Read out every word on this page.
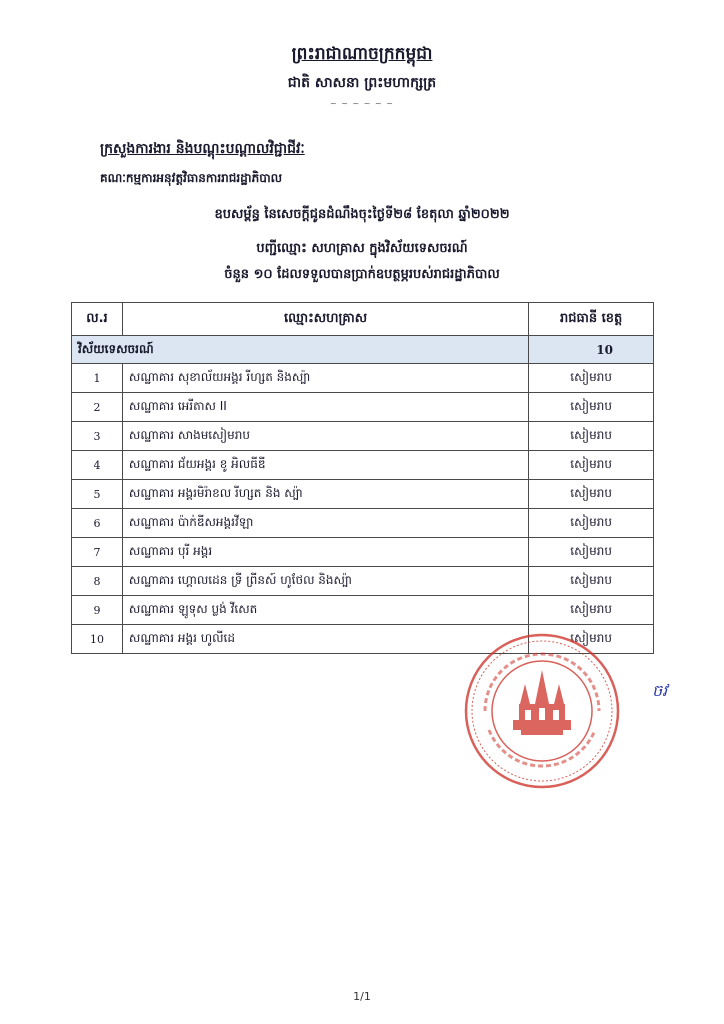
ព្រះរាជាណាចក្រកម្ពុជា
ជាតិ សាសនា ព្រះមហាក្សត្រ
~ ~ ~ ~ ~ ~
ក្រសួងការងារ និងបណ្តុះបណ្តាលវិជ្ជាជីវៈ
គណៈកម្មការអនុវត្តវិធានការរាជរដ្ឋាភិបាល
ឧបសម្ព័ន្ធ នៃសេចក្តីជូនដំណឹងចុះថ្ងៃទី២៨ ខែតុលា ឆ្នាំ២០២២
បញ្ជីឈ្មោះ សហគ្រាស ក្នុងវិស័យទេសចរណ៍
ចំនួន ១០ ដែលទទួលបានប្រាក់ឧបត្ថម្ភរបស់រាជរដ្ឋាភិបាល
ល.រ	ឈ្មោះសហគ្រាស	រាជធានី ខេត្ត
វិស័យទេសចរណ៍		10
1	សណ្ឋាគារ សុខាល័យអង្គរ រីហ្សត និងស្ប៉ា	សៀមរាប
2	សណ្ឋាគារ អេរីតាស II	សៀមរាប
3	សណ្ឋាគារ សាងមសៀមរាប	សៀមរាប
4	សណ្ឋាគារ ជ័យអង្គរ ខូ អិលធីឌី	សៀមរាប
5	សណ្ឋាគារ អង្គរមិរ៉ាខល រីហ្សត និង ស្ប៉ា	សៀមរាប
6	សណ្ឋាគារ ប៉ាក់ឌីសអង្គរវីឡា	សៀមរាប
7	សណ្ឋាគារ បុរី អង្គរ	សៀមរាប
8	សណ្ឋាគារ ហ្គោលដេន ទ្រី ព្រីនស៍ ហូថែល និងស្ប៉ា	សៀមរាប
9	សណ្ឋាគារ ឡូទុស ប្លង់ វីសេត	សៀមរាប
10	សណ្ឋាគារ អង្គរ ហូលីដេ	សៀមរាប
ចវ
1/1
